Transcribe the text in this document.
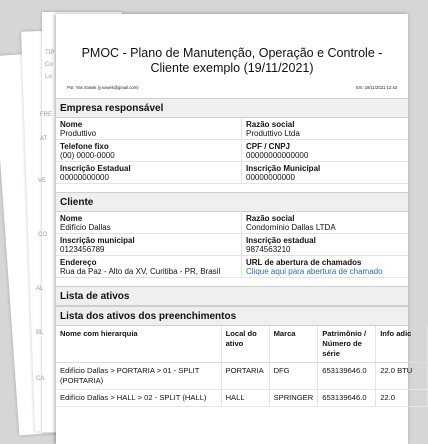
TIP
Co
Lo
FRE
AT
VE
CO
AL
BL
CA
PMOC - Plano de Manutenção, Operação e Controle - Cliente exemplo (19/11/2021)
Por: Yas Sowek (y.sowek@gmail.com)	Em: 19/11/2021 12:43
Empresa responsável
Nome
Produttivo
Razão social
Produttivo Ltda
Telefone fixo
(00) 0000-0000
CPF / CNPJ
00000000000000
Inscrição Estadual
00000000000
Inscrição Municipal
00000000000
Cliente
Nome
Edifício Dallas
Razão social
Condomínio Dallas LTDA
Inscrição municipal
0123456789
Inscrição estadual
9874563210
Endereço
Rua da Paz - Alto da XV, Curitiba - PR, Brasil
URL de abertura de chamados
Clique aqui para abertura de chamado
Lista de ativos
Lista dos ativos dos preenchimentos
Nome com hierarquia	Local do ativo	Marca	Patrimônio / Número de série	Info adic
Edifício Dallas > PORTARIA > 01 - SPLIT (PORTARIA)	PORTARIA	DFG	653139646.0	22.0 BTU
Edifício Dallas > HALL > 02 - SPLIT (HALL)	HALL	SPRINGER	653139646.0	22.0
